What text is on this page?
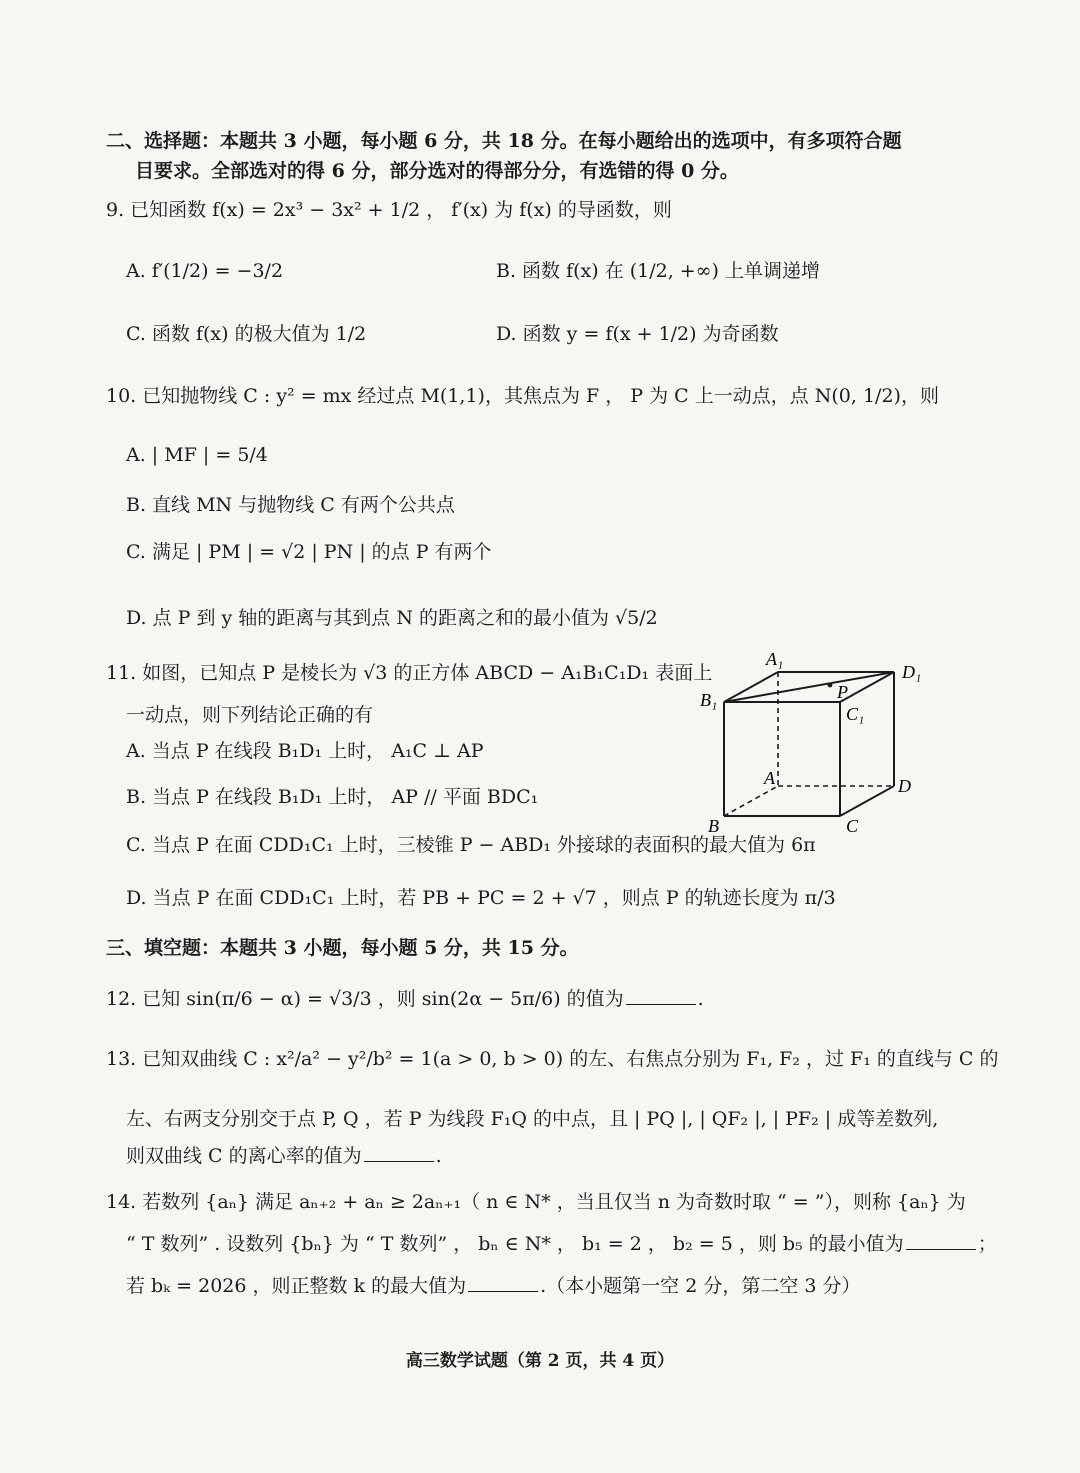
二、选择题：本题共 3 小题，每小题 6 分，共 18 分。在每小题给出的选项中，有多项符合题
目要求。全部选对的得 6 分，部分选对的得部分分，有选错的得 0 分。
9. 已知函数 f(x) = 2x³ − 3x² + 1/2 ， f′(x) 为 f(x) 的导函数，则
A. f′(1/2) = −3/2	B. 函数 f(x) 在 (1/2, +∞) 上单调递增
C. 函数 f(x) 的极大值为 1/2	D. 函数 y = f(x + 1/2) 为奇函数
10. 已知抛物线 C : y² = mx 经过点 M(1,1)，其焦点为 F ， P 为 C 上一动点，点 N(0, 1/2)，则
A. | MF | = 5/4
B. 直线 MN 与抛物线 C 有两个公共点
C. 满足 | PM | = √2 | PN | 的点 P 有两个
D. 点 P 到 y 轴的距离与其到点 N 的距离之和的最小值为 √5/2
11. 如图，已知点 P 是棱长为 √3 的正方体 ABCD − A₁B₁C₁D₁ 表面上
一动点，则下列结论正确的有
A. 当点 P 在线段 B₁D₁ 上时， A₁C ⊥ AP
B. 当点 P 在线段 B₁D₁ 上时， AP // 平面 BDC₁
C. 当点 P 在面 CDD₁C₁ 上时，三棱锥 P − ABD₁ 外接球的表面积的最大值为 6π
D. 当点 P 在面 CDD₁C₁ 上时，若 PB + PC = 2 + √7 ，则点 P 的轨迹长度为 π/3
A₁
D₁
B₁
C₁
P
A	D
B	C
三、填空题：本题共 3 小题，每小题 5 分，共 15 分。
12. 已知 sin(π/6 − α) = √3/3 ，则 sin(2α − 5π/6) 的值为	.
13. 已知双曲线 C : x²/a² − y²/b² = 1(a > 0, b > 0) 的左、右焦点分别为 F₁, F₂ ，过 F₁ 的直线与 C 的
左、右两支分别交于点 P, Q ，若 P 为线段 F₁Q 的中点，且 | PQ |, | QF₂ |, | PF₂ | 成等差数列,
则双曲线 C 的离心率的值为	.
14. 若数列 {aₙ} 满足 aₙ₊₂ + aₙ ≥ 2aₙ₊₁（ n ∈ N* ，当且仅当 n 为奇数时取 “ = ”），则称 {aₙ} 为
“ T 数列” . 设数列 {bₙ} 为 “ T 数列” ， bₙ ∈ N* ， b₁ = 2 ， b₂ = 5 ，则 b₅ 的最小值为	；
若 bₖ = 2026 ，则正整数 k 的最大值为	.（本小题第一空 2 分，第二空 3 分）
高三数学试题（第 2 页，共 4 页）
